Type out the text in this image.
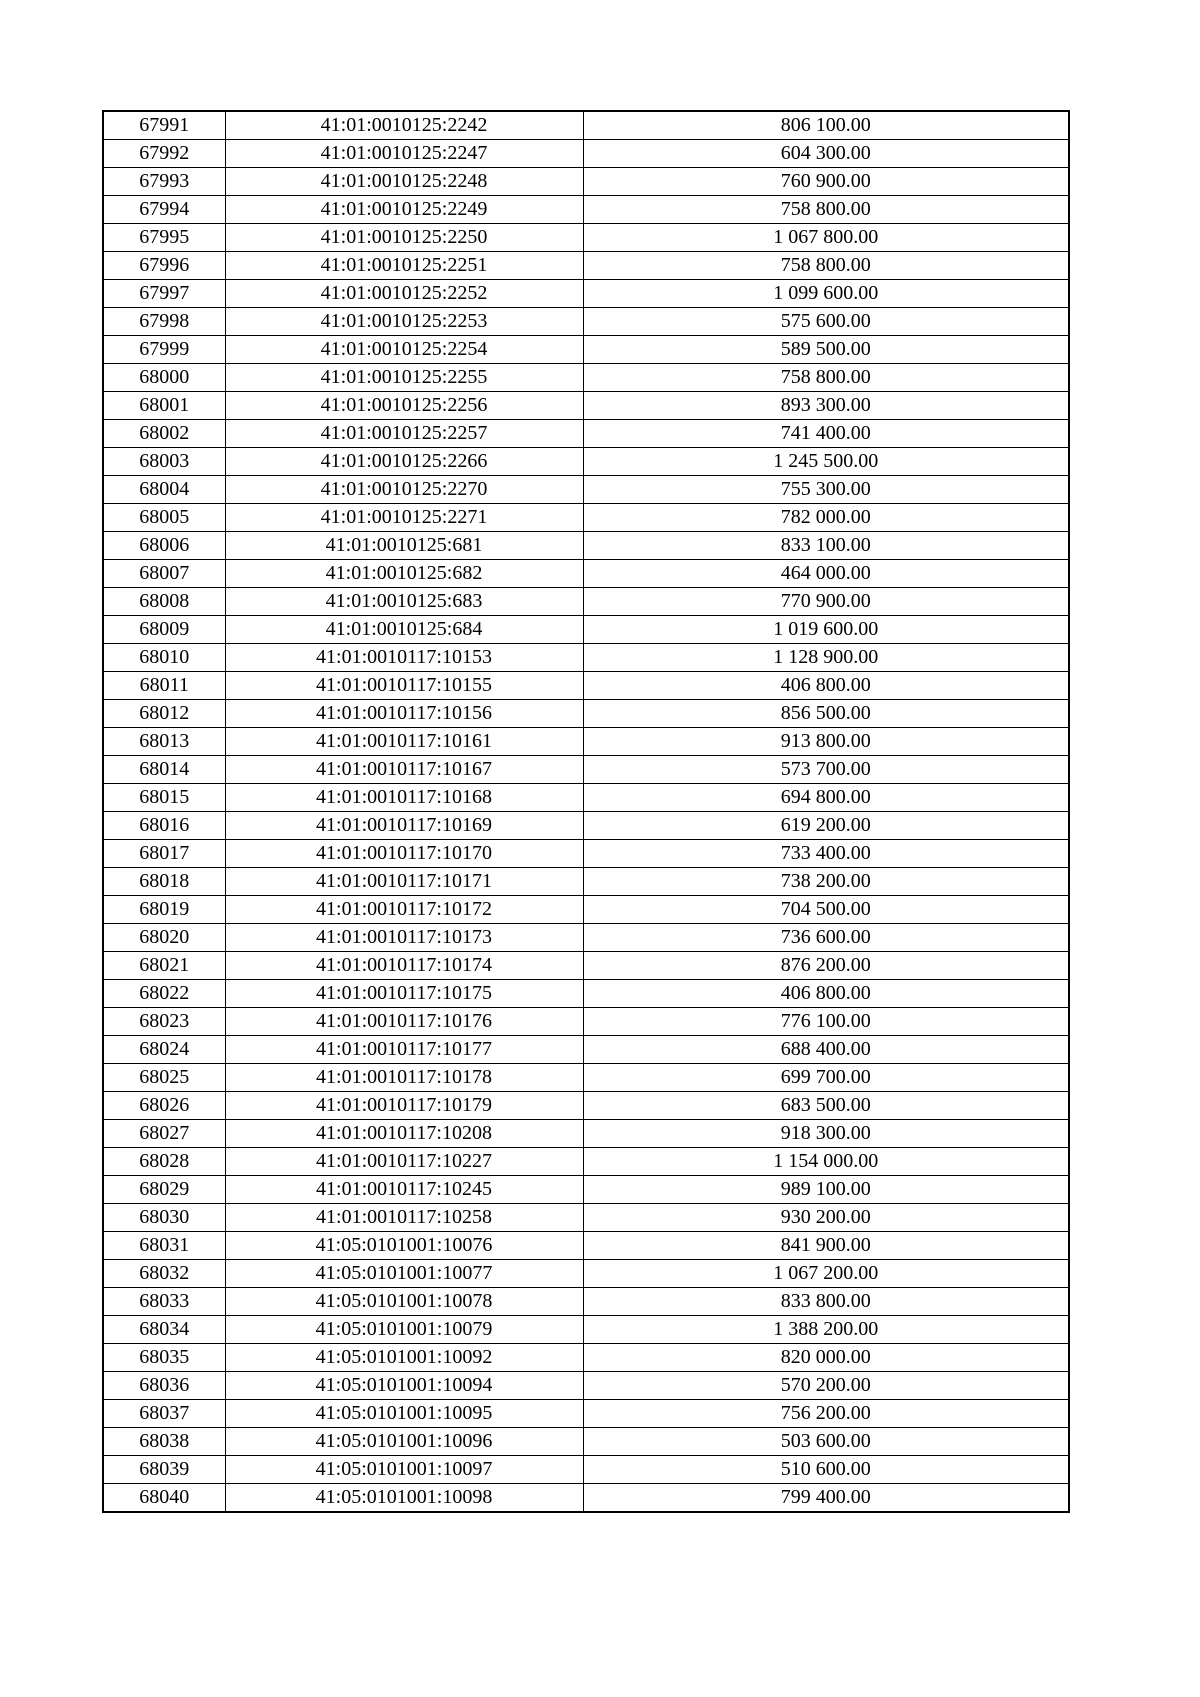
67991	41:01:0010125:2242	806 100.00
67992	41:01:0010125:2247	604 300.00
67993	41:01:0010125:2248	760 900.00
67994	41:01:0010125:2249	758 800.00
67995	41:01:0010125:2250	1 067 800.00
67996	41:01:0010125:2251	758 800.00
67997	41:01:0010125:2252	1 099 600.00
67998	41:01:0010125:2253	575 600.00
67999	41:01:0010125:2254	589 500.00
68000	41:01:0010125:2255	758 800.00
68001	41:01:0010125:2256	893 300.00
68002	41:01:0010125:2257	741 400.00
68003	41:01:0010125:2266	1 245 500.00
68004	41:01:0010125:2270	755 300.00
68005	41:01:0010125:2271	782 000.00
68006	41:01:0010125:681	833 100.00
68007	41:01:0010125:682	464 000.00
68008	41:01:0010125:683	770 900.00
68009	41:01:0010125:684	1 019 600.00
68010	41:01:0010117:10153	1 128 900.00
68011	41:01:0010117:10155	406 800.00
68012	41:01:0010117:10156	856 500.00
68013	41:01:0010117:10161	913 800.00
68014	41:01:0010117:10167	573 700.00
68015	41:01:0010117:10168	694 800.00
68016	41:01:0010117:10169	619 200.00
68017	41:01:0010117:10170	733 400.00
68018	41:01:0010117:10171	738 200.00
68019	41:01:0010117:10172	704 500.00
68020	41:01:0010117:10173	736 600.00
68021	41:01:0010117:10174	876 200.00
68022	41:01:0010117:10175	406 800.00
68023	41:01:0010117:10176	776 100.00
68024	41:01:0010117:10177	688 400.00
68025	41:01:0010117:10178	699 700.00
68026	41:01:0010117:10179	683 500.00
68027	41:01:0010117:10208	918 300.00
68028	41:01:0010117:10227	1 154 000.00
68029	41:01:0010117:10245	989 100.00
68030	41:01:0010117:10258	930 200.00
68031	41:05:0101001:10076	841 900.00
68032	41:05:0101001:10077	1 067 200.00
68033	41:05:0101001:10078	833 800.00
68034	41:05:0101001:10079	1 388 200.00
68035	41:05:0101001:10092	820 000.00
68036	41:05:0101001:10094	570 200.00
68037	41:05:0101001:10095	756 200.00
68038	41:05:0101001:10096	503 600.00
68039	41:05:0101001:10097	510 600.00
68040	41:05:0101001:10098	799 400.00
